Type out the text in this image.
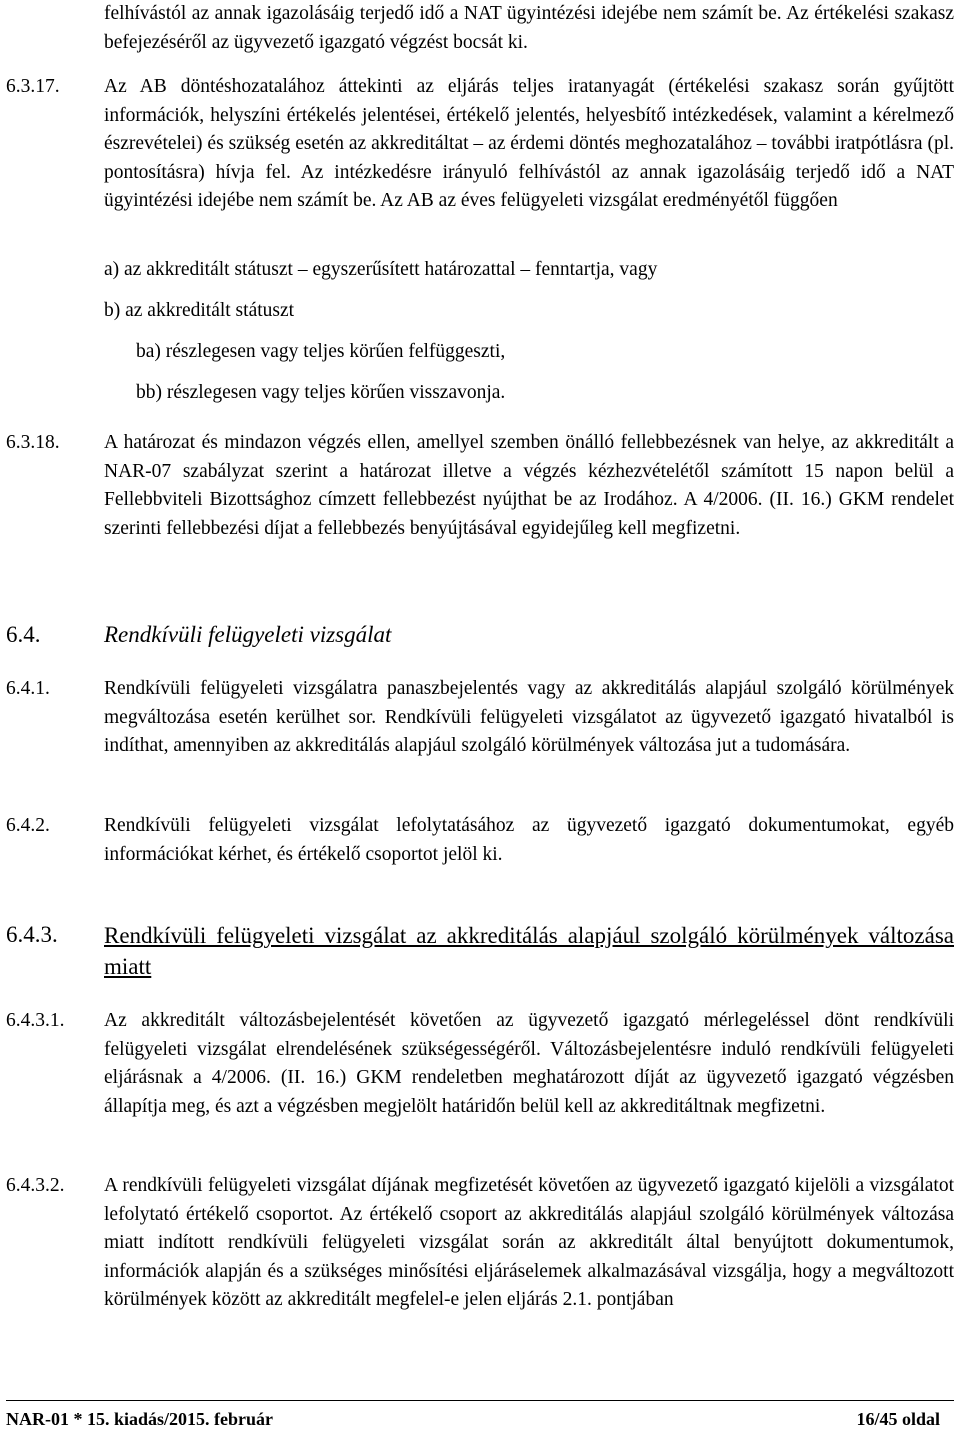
felhívástól az annak igazolásáig terjedő idő a NAT ügyintézési idejébe nem számít be. Az értékelési szakasz befejezéséről az ügyvezető igazgató végzést bocsát ki.

6.3.17. Az AB döntéshozatalához áttekinti az eljárás teljes iratanyagát (értékelési szakasz során gyűjtött információk, helyszíni értékelés jelentései, értékelő jelentés, helyesbítő intézkedések, valamint a kérelmező észrevételei) és szükség esetén az akkreditáltat – az érdemi döntés meghozatalához – további iratpótlásra (pl. pontosításra) hívja fel. Az intézkedésre irányuló felhívástól az annak igazolásáig terjedő idő a NAT ügyintézési idejébe nem számít be. Az AB az éves felügyeleti vizsgálat eredményétől függően

a) az akkreditált státuszt – egyszerűsített határozattal – fenntartja, vagy
b) az akkreditált státuszt
ba) részlegesen vagy teljes körűen felfüggeszti,
bb) részlegesen vagy teljes körűen visszavonja.
6.3.18. A határozat és mindazon végzés ellen, amellyel szemben önálló fellebbezésnek van helye, az akkreditált a NAR-07 szabályzat szerint a határozat illetve a végzés kézhezvételétől számított 15 napon belül a Fellebbviteli Bizottsághoz címzett fellebbezést nyújthat be az Irodához. A 4/2006. (II. 16.) GKM rendelet szerinti fellebbezési díjat a fellebbezés benyújtásával egyidejűleg kell megfizetni.

6.4.	Rendkívüli felügyeleti vizsgálat
6.4.1.	Rendkívüli felügyeleti vizsgálatra panaszbejelentés vagy az akkreditálás alapjául szolgáló körülmények megváltozása esetén kerülhet sor. Rendkívüli felügyeleti vizsgálatot az ügyvezető igazgató hivatalból is indíthat, amennyiben az akkreditálás alapjául szolgáló körülmények változása jut a tudomására.

6.4.2.	Rendkívüli felügyeleti vizsgálat lefolytatásához az ügyvezető igazgató dokumentumokat, egyéb információkat kérhet, és értékelő csoportot jelöl ki.

6.4.3. Rendkívüli felügyeleti vizsgálat az akkreditálás alapjául szolgáló körülmények változása miatt
6.4.3.1. Az akkreditált változásbejelentését követően az ügyvezető igazgató mérlegeléssel dönt rendkívüli felügyeleti vizsgálat elrendelésének szükségességéről. Változásbejelentésre induló rendkívüli felügyeleti eljárásnak a 4/2006. (II. 16.) GKM rendeletben meghatározott díját az ügyvezető igazgató végzésben állapítja meg, és azt a végzésben megjelölt határidőn belül kell az akkreditáltnak megfizetni.

6.4.3.2. A rendkívüli felügyeleti vizsgálat díjának megfizetését követően az ügyvezető igazgató kijelöli a vizsgálatot lefolytató értékelő csoportot. Az értékelő csoport az akkreditálás alapjául szolgáló körülmények változása miatt indított rendkívüli felügyeleti vizsgálat során az akkreditált által benyújtott dokumentumok, információk alapján és a szükséges minősítési eljáráselemek alkalmazásával vizsgálja, hogy a megváltozott körülmények között az akkreditált megfelel-e jelen eljárás 2.1. pontjában

NAR-01 * 15. kiadás/2015. február	16/45 oldal
